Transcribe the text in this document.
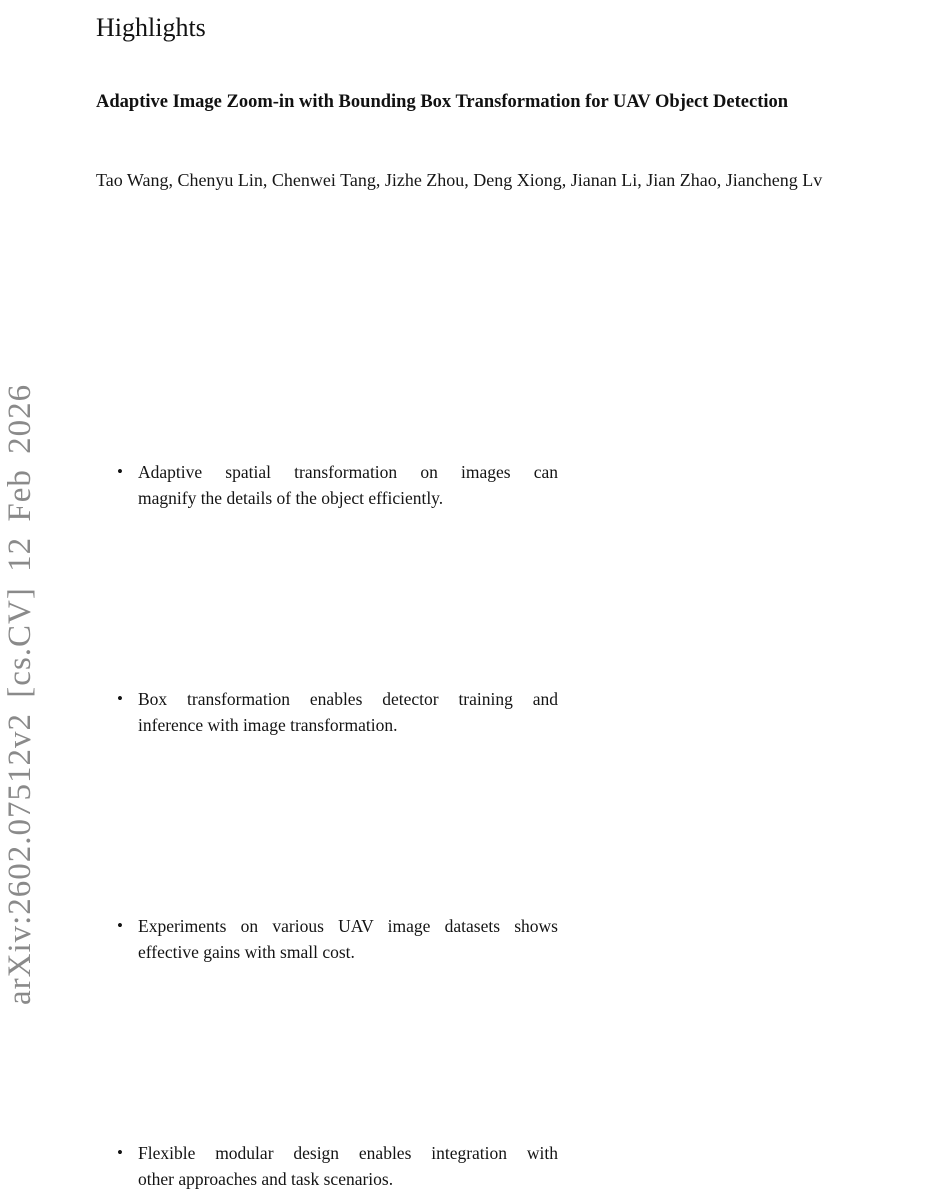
arXiv:2602.07512v2 [cs.CV] 12 Feb 2026
Highlights
Adaptive Image Zoom-in with Bounding Box Transformation for UAV Object Detection
Tao Wang, Chenyu Lin, Chenwei Tang, Jizhe Zhou, Deng Xiong, Jianan Li, Jian Zhao, Jiancheng Lv
• Adaptive spatial transformation on images can
magnify the details of the object efficiently.
• Box transformation enables detector training and
inference with image transformation.
• Experiments on various UAV image datasets shows
effective gains with small cost.
• Flexible modular design enables integration with
other approaches and task scenarios.
